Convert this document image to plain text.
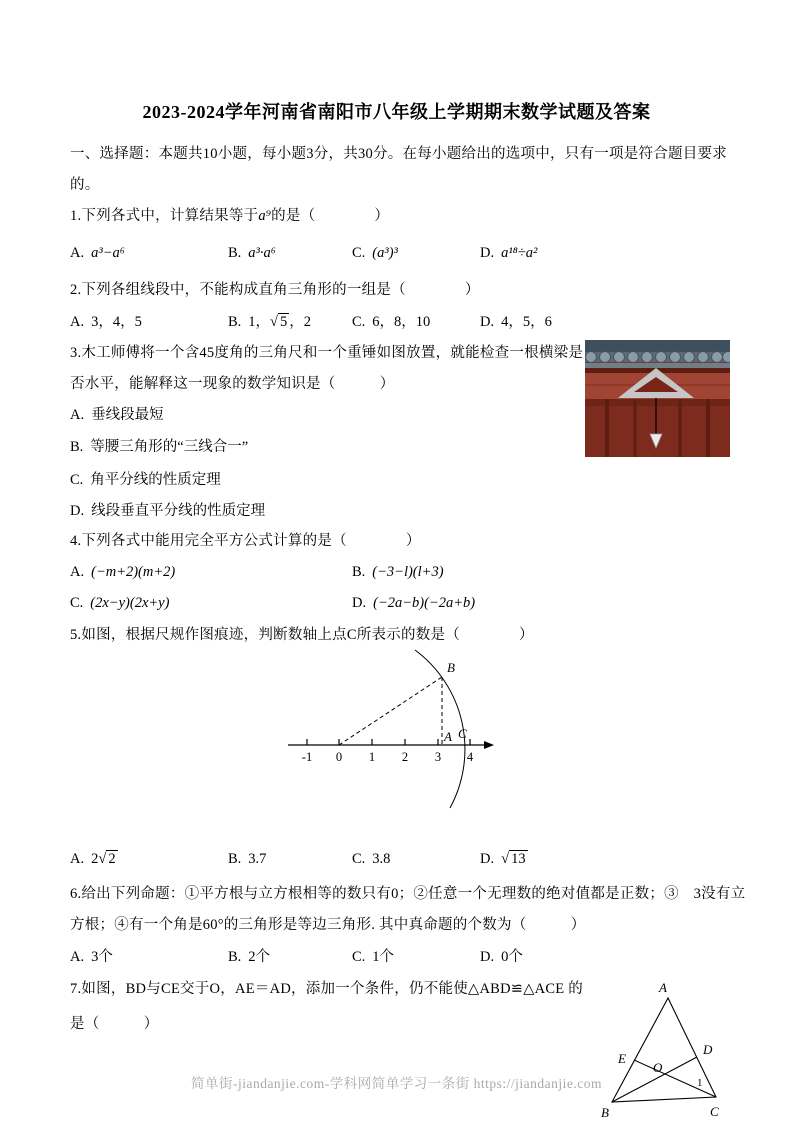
2023-2024学年河南省南阳市八年级上学期期末数学试题及答案
一、选择题：本题共10小题，每小题3分，共30分。在每小题给出的选项中，只有一项是符合题目要求
的。
1.下列各式中，计算结果等于a⁹的是（　　　　）
A. a³−a⁶	B. a³·a⁶	C. (a³)³	D. a¹⁸÷a²
2.下列各组线段中，不能构成直角三角形的一组是（　　　　）
A. 3，4，5	B. 1，√ 5 ，2	C. 6，8，10	D. 4，5，6
3.木工师傅将一个含45度角的三角尺和一个重锤如图放置，就能检查一根横梁是
否水平，能解释这一现象的数学知识是（　　　）
A. 垂线段最短
B. 等腰三角形的“三线合一”
C. 角平分线的性质定理
D. 线段垂直平分线的性质定理
4.下列各式中能用完全平方公式计算的是（　　　　）
A. (−m+2)(m+2)	B. (−3−l)(l+3)
C. (2x−y)(2x+y)	D. (−2a−b)(−2a+b)
5.如图，根据尺规作图痕迹，判断数轴上点C所表示的数是（　　　　）
-1 0 1 2 3 4
B
A C
A. 2√ 2	B. 3.7	C. 3.8	D. √ 13
6.给出下列命题：①平方根与立方根相等的数只有0；②任意一个无理数的绝对值都是正数；③　3没有立
方根；④有一个角是60°的三角形是等边三角形. 其中真命题的个数为（　　　）
A. 3个	B. 2个	C. 1个	D. 0个
7.如图，BD与CE交于O，AE＝AD，添加一个条件，仍不能使△ABD≌△ACE 的
是（　　　）
A
B	C
D
E
O
1
简单街-jiandanjie.com-学科网简单学习一条街 https://jiandanjie.com
